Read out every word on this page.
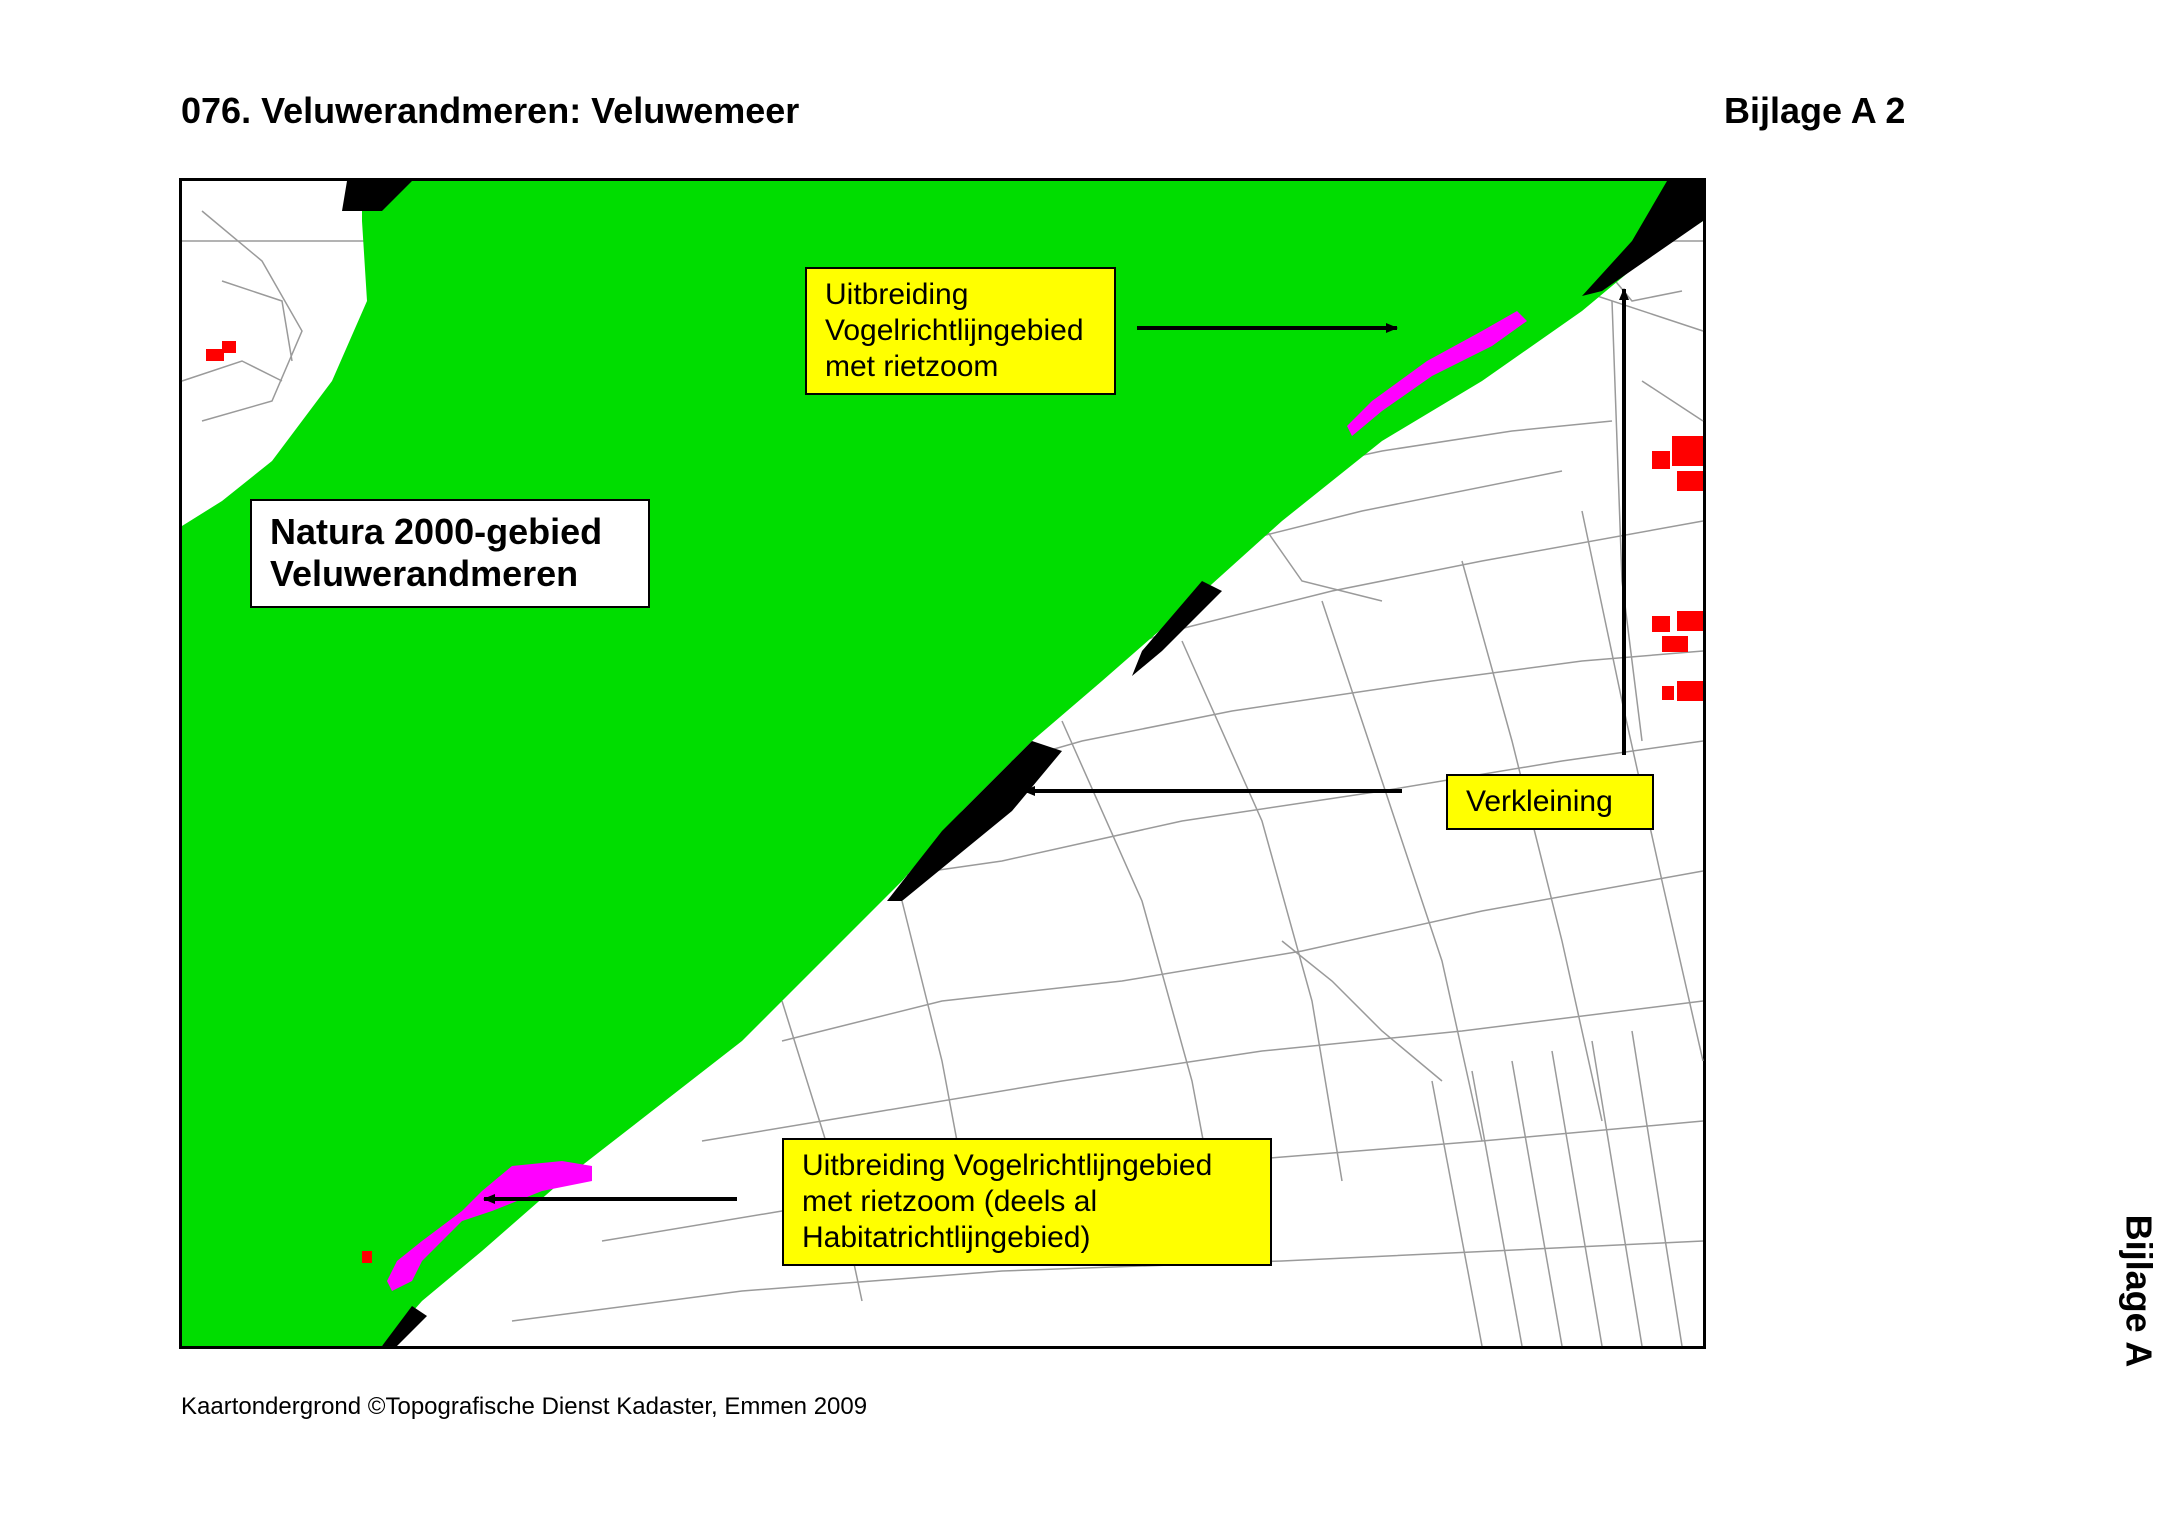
076. Veluwerandmeren: Veluwemeer	Bijlage A 2
Bijlage A
Natura 2000-gebied
Veluwerandmeren
Uitbreiding
Vogelrichtlijngebied
met rietzoom
Verkleining
Uitbreiding Vogelrichtlijngebied
met rietzoom (deels al
Habitatrichtlijngebied)
Kaartondergrond ©Topografische Dienst Kadaster, Emmen 2009
